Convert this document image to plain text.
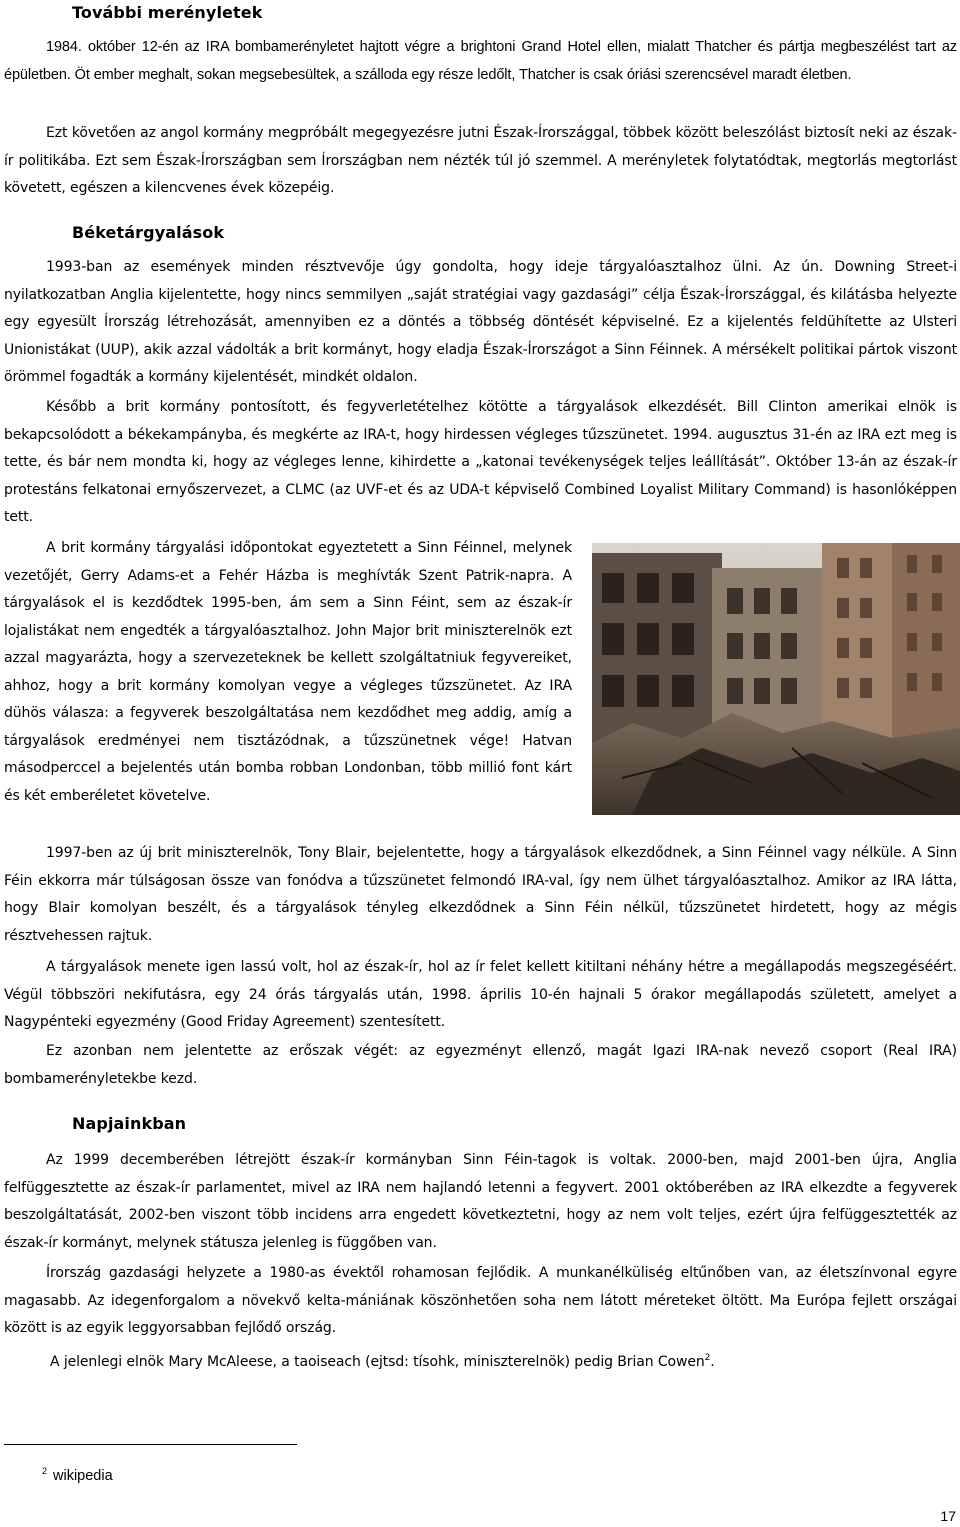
További merényletek

1984. október 12-én az IRA bombamerényletet hajtott végre a brightoni Grand Hotel ellen, mialatt Thatcher és pártja megbeszélést tart az épületben. Öt ember meghalt, sokan megsebesültek, a szálloda egy része ledőlt, Thatcher is csak óriási szerencsével maradt életben.

Ezt követően az angol kormány megpróbált megegyezésre jutni Észak-Írországgal, többek között beleszólást biztosít neki az észak-ír politikába. Ezt sem Észak-Írországban sem Írországban nem nézték túl jó szemmel. A merényletek folytatódtak, megtorlás megtorlást követett, egészen a kilencvenes évek közepéig.

Béketárgyalások

1993-ban az események minden résztvevője úgy gondolta, hogy ideje tárgyalóasztalhoz ülni. Az ún. Downing Street-i nyilatkozatban Anglia kijelentette, hogy nincs semmilyen „saját stratégiai vagy gazdasági” célja Észak-Írországgal, és kilátásba helyezte egy egyesült Írország létrehozását, amennyiben ez a döntés a többség döntését képviselné. Ez a kijelentés feldühítette az Ulsteri Unionistákat (UUP), akik azzal vádolták a brit kormányt, hogy eladja Észak-Írországot a Sinn Féinnek. A mérsékelt politikai pártok viszont örömmel fogadták a kormány kijelentését, mindkét oldalon.

Később a brit kormány pontosított, és fegyverletételhez kötötte a tárgyalások elkezdését. Bill Clinton amerikai elnök is bekapcsolódott a békekampányba, és megkérte az IRA-t, hogy hirdessen végleges tűzszünetet. 1994. augusztus 31-én az IRA ezt meg is tette, és bár nem mondta ki, hogy az végleges lenne, kihirdette a „katonai tevékenységek teljes leállítását”. Október 13-án az észak-ír protestáns felkatonai ernyőszervezet, a CLMC (az UVF-et és az UDA-t képviselő Combined Loyalist Military Command) is hasonlóképpen tett.

A brit kormány tárgyalási időpontokat egyeztetett a Sinn Féinnel, melynek vezetőjét, Gerry Adams-et a Fehér Házba is meghívták Szent Patrik-napra. A tárgyalások el is kezdődtek 1995-ben, ám sem a Sinn Féint, sem az észak-ír lojalistákat nem engedték a tárgyalóasztalhoz. John Major brit miniszterelnök ezt azzal magyarázta, hogy a szervezeteknek be kellett szolgáltatniuk fegyvereiket, ahhoz, hogy a brit kormány komolyan vegye a végleges tűzszünetet. Az IRA dühös válasza: a fegyverek beszolgáltatása nem kezdődhet meg addig, amíg a tárgyalások eredményei nem tisztázódnak, a tűzszünetnek vége! Hatvan másodperccel a bejelentés után bomba robban Londonban, több millió font kárt és két emberéletet követelve.

1997-ben az új brit miniszterelnök, Tony Blair, bejelentette, hogy a tárgyalások elkezdődnek, a Sinn Féinnel vagy nélküle. A Sinn Féin ekkorra már túlságosan össze van fonódva a tűzszünetet felmondó IRA-val, így nem ülhet tárgyalóasztalhoz. Amikor az IRA látta, hogy Blair komolyan beszélt, és a tárgyalások tényleg elkezdődnek a Sinn Féin nélkül, tűzszünetet hirdetett, hogy az mégis résztvehessen rajtuk.

A tárgyalások menete igen lassú volt, hol az észak-ír, hol az ír felet kellett kitiltani néhány hétre a megállapodás megszegéséért. Végül többszöri nekifutásra, egy 24 órás tárgyalás után, 1998. április 10-én hajnali 5 órakor megállapodás született, amelyet a Nagypénteki egyezmény (Good Friday Agreement) szentesített.

Ez azonban nem jelentette az erőszak végét: az egyezményt ellenző, magát Igazi IRA-nak nevező csoport (Real IRA) bombamerényletekbe kezd.

Napjainkban

Az 1999 decemberében létrejött észak-ír kormányban Sinn Féin-tagok is voltak. 2000-ben, majd 2001-ben újra, Anglia felfüggesztette az észak-ír parlamentet, mivel az IRA nem hajlandó letenni a fegyvert. 2001 októberében az IRA elkezdte a fegyverek beszolgáltatását, 2002-ben viszont több incidens arra engedett következtetni, hogy az nem volt teljes, ezért újra felfüggesztették az észak-ír kormányt, melynek státusza jelenleg is függőben van.

Írország gazdasági helyzete a 1980-as évektől rohamosan fejlődik. A munkanélküliség eltűnőben van, az életszínvonal egyre magasabb. Az idegenforgalom a növekvő kelta-mániának köszönhetően soha nem látott méreteket öltött. Ma Európa fejlett országai között is az egyik leggyorsabban fejlődő ország.

A jelenlegi elnök Mary McAleese, a taoiseach (ejtsd: tísohk, miniszterelnök) pedig Brian Cowen$^2$.

$^2$ wikipedia
17
